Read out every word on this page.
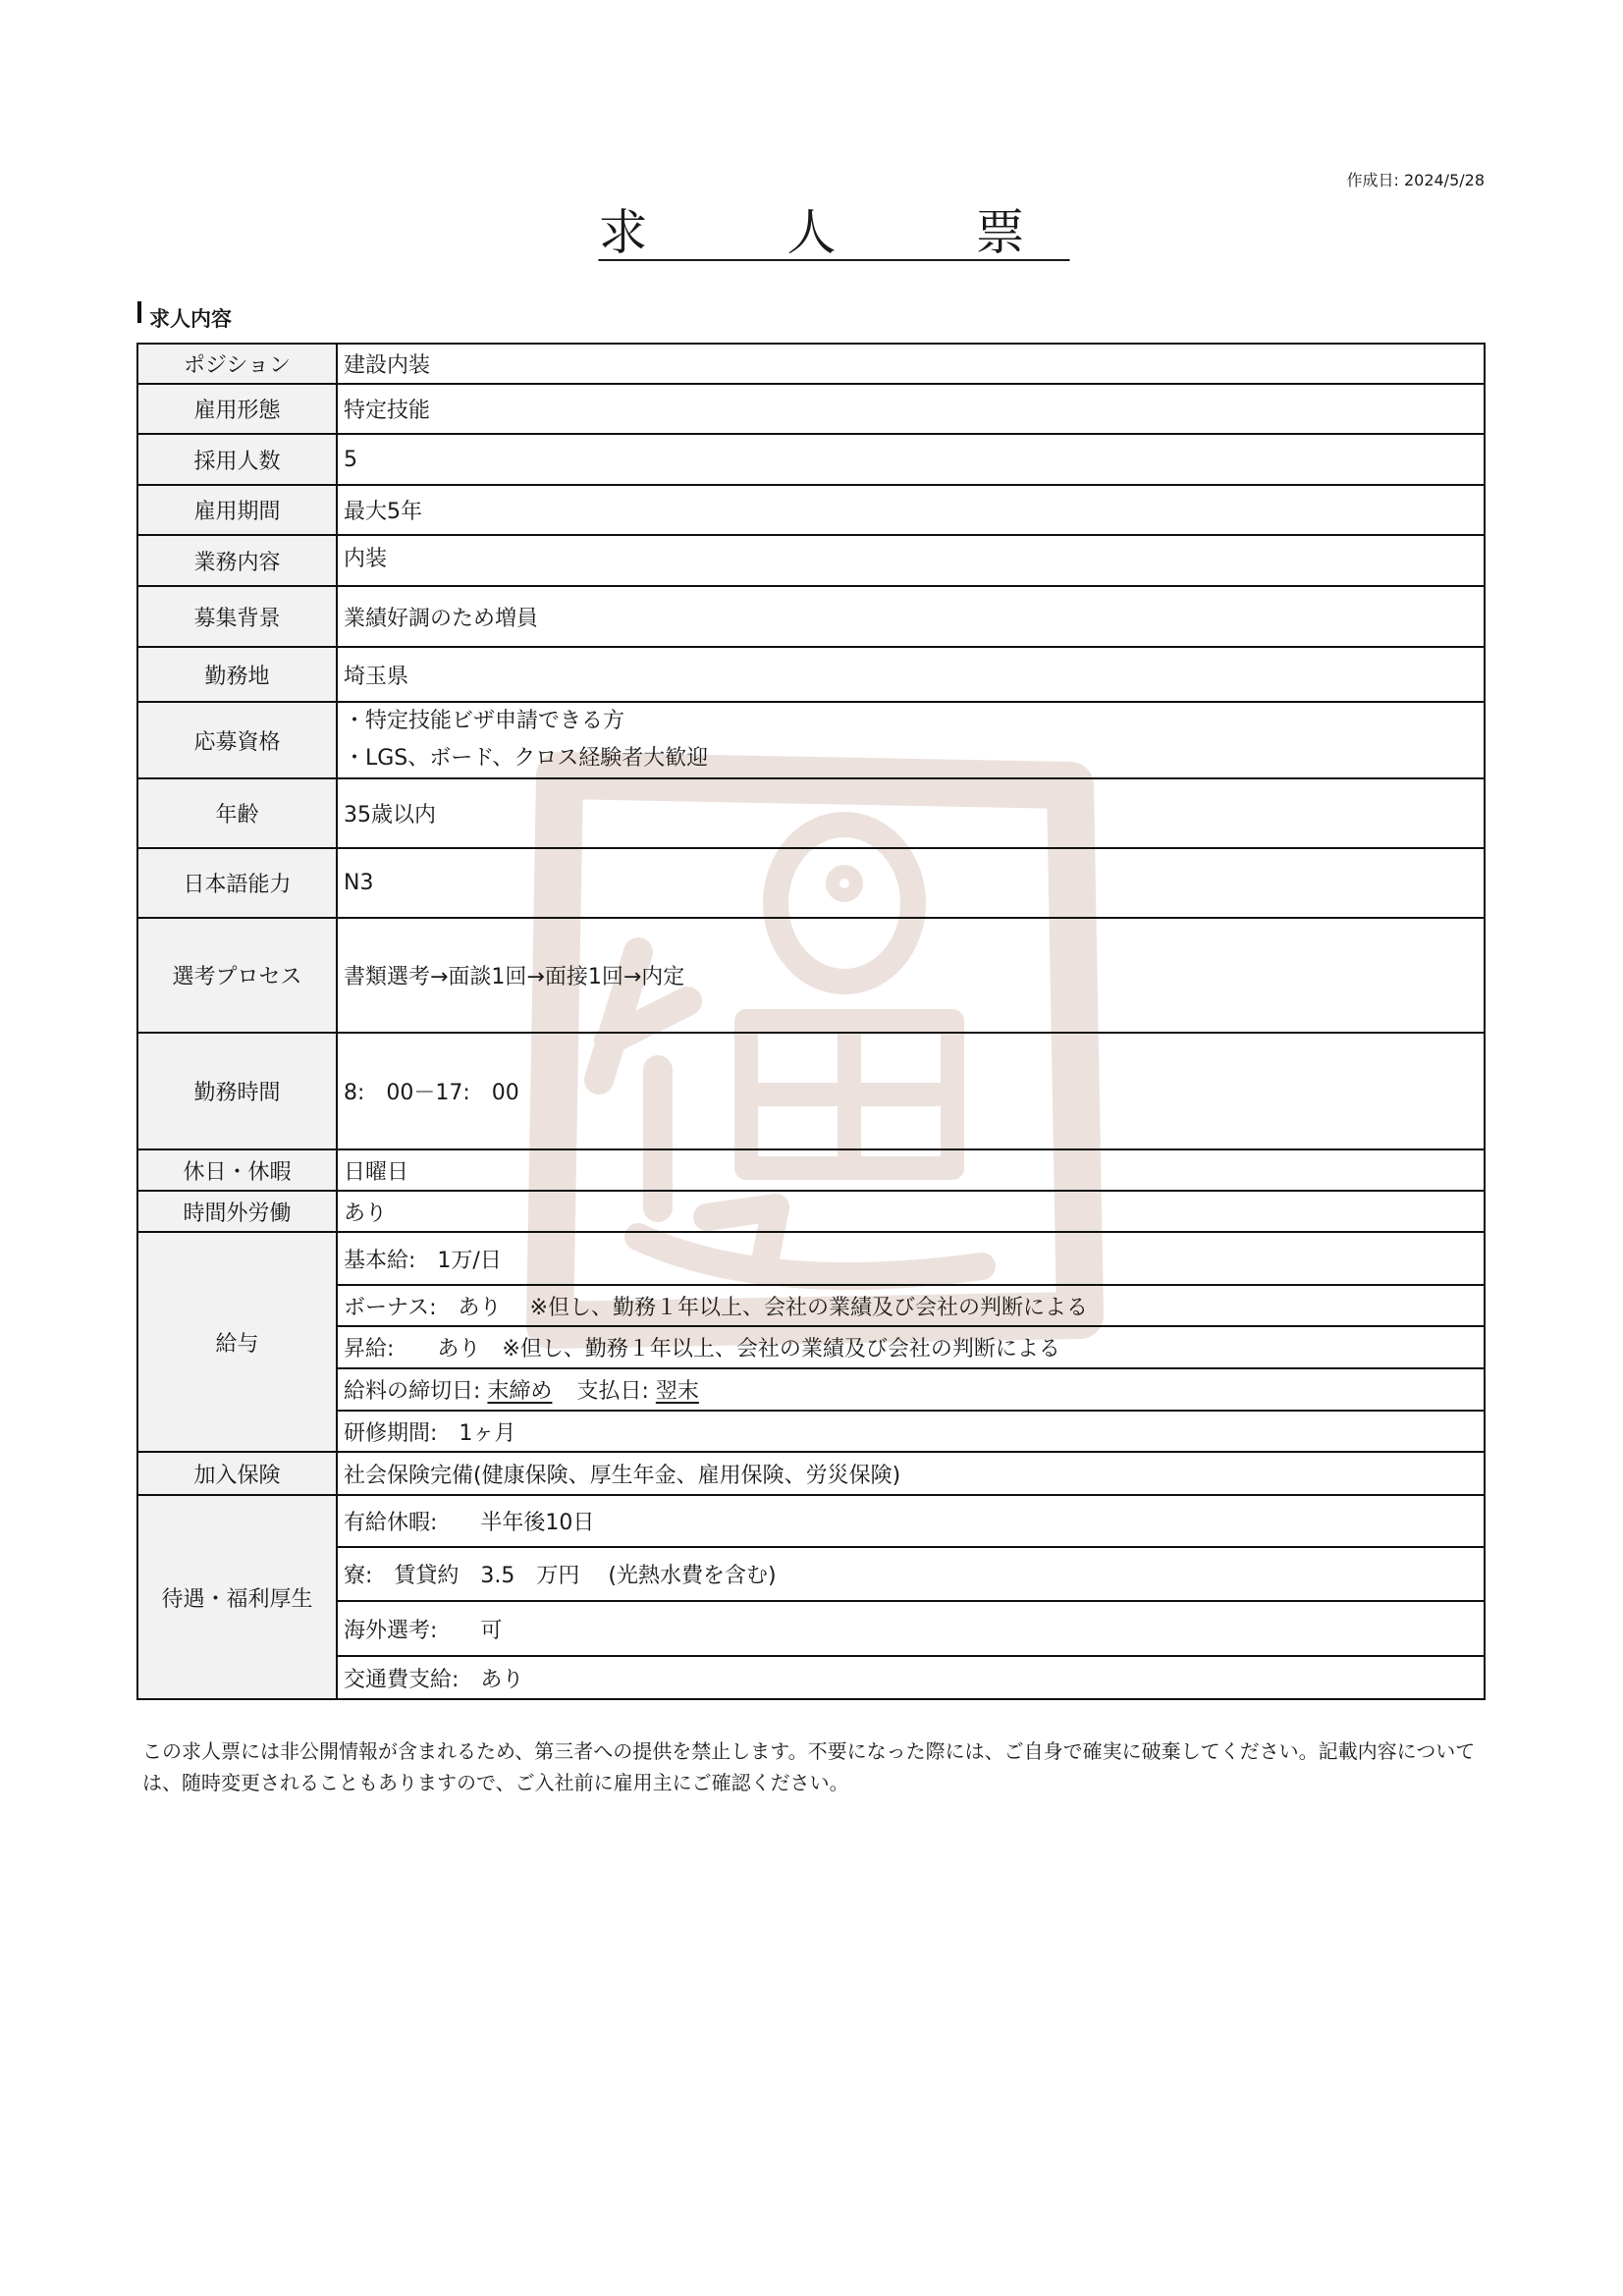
作成日: 2024/5/28
求　人　票
求人内容
ポジション	建設内装
雇用形態	特定技能
採用人数	5
雇用期間	最大5年
業務内容	内装
募集背景	業績好調のため増員
勤務地	埼玉県
応募資格	・特定技能ビザ申請できる方
・LGS、ボード、クロス経験者大歓迎

年齢	35歳以内
日本語能力	N3
選考プロセス	書類選考→面談1回→面接1回→内定
勤務時間	8:　00－17:　00
休日・休暇	日曜日
時間外労働	あり
給与	基本給:　1万/日
	ボーナス:　あり　 ※但し、勤務１年以上、会社の業績及び会社の判断による
	昇給:　　あり　※但し、勤務１年以上、会社の業績及び会社の判断による
	給料の締切日: 末締め 支払日: 翌末
	研修期間:　1ヶ月
加入保険	社会保険完備(健康保険、厚生年金、雇用保険、労災保険)
待遇・福利厚生	有給休暇:　　半年後10日
	寮:　賃貸約　3.5　万円　 (光熱水費を含む)
	海外選考:　　可
	交通費支給:　あり
この求人票には非公開情報が含まれるため、第三者への提供を禁止します。不要になった際には、ご自身で確実に破棄してください。記載内容については、随時変更されることもありますので、ご入社前に雇用主にご確認ください。
